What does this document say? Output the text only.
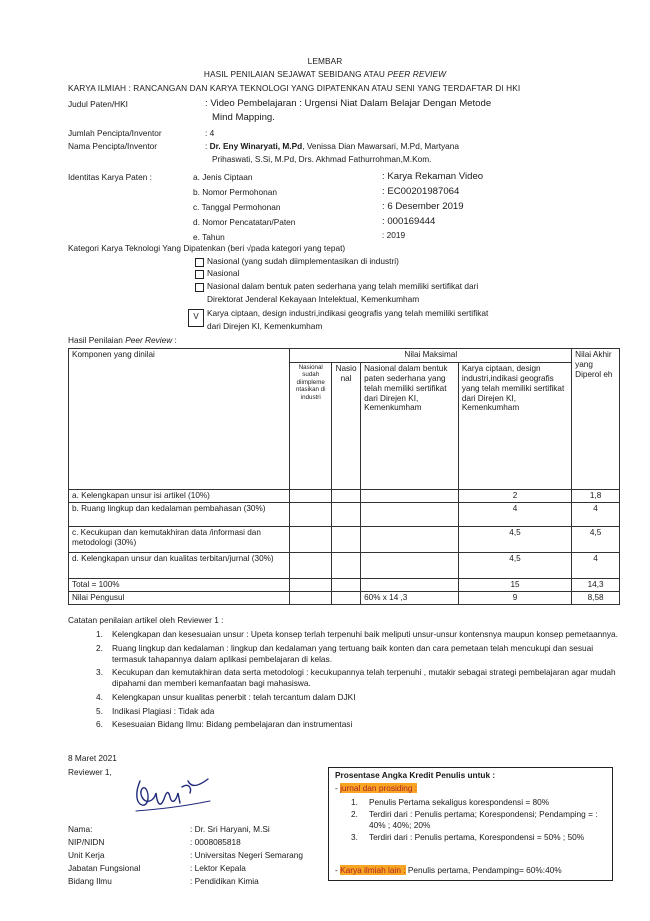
LEMBAR
HASIL PENILAIAN SEJAWAT SEBIDANG ATAU PEER REVIEW
KARYA ILMIAH : RANCANGAN DAN KARYA TEKNOLOGI YANG DIPATENKAN ATAU SENI YANG TERDAFTAR DI HKI
Judul Paten/HKI	: Video Pembelajaran : Urgensi Niat Dalam Belajar Dengan Metode
Mind Mapping.
Jumlah Pencipta/Inventor	: 4
Nama Pencipta/Inventor	: Dr. Eny Winaryati, M.Pd, Venissa Dian Mawarsari, M.Pd, Martyana
Prihaswati, S.Si, M.Pd, Drs. Akhmad Fathurrohman,M.Kom.
Identitas Karya Paten :	a. Jenis Ciptaan	: Karya Rekaman Video
b. Nomor Permohonan	: EC00201987064
c. Tanggal Permohonan	: 6 Desember 2019
d. Nomor Pencatatan/Paten	: 000169444
e. Tahun	: 2019
Kategori Karya Teknologi Yang Dipatenkan (beri √pada kategori yang tepat)
Nasional (yang sudah diimplementasikan di industri)
Nasional
Nasional dalam bentuk paten sederhana yang telah memiliki sertifikat dari
Direktorat Jenderal Kekayaan Intelektual, Kemenkumham
V	Karya ciptaan, design industri,indikasi geografis yang telah memiliki sertifikat
dari Direjen KI, Kemenkumham
Hasil Penilaian Peer Review :
Komponen yang dinilai	Nilai Maksimal				Nilai Akhir yang Diperol eh
	Nasional sudah diimpleme ntasikan di industri	Nasio nal	Nasional dalam bentuk paten sederhana yang telah memiliki sertifikat dari Direjen KI, Kemenkumham	Karya ciptaan, design industri,indikasi geografis yang telah memiliki sertifikat dari Direjen KI, Kemenkumham	
a. Kelengkapan unsur isi artikel (10%)				2	1,8
b. Ruang lingkup dan kedalaman pembahasan (30%)				4	4
c. Kecukupan dan kemutakhiran data /informasi dan metodologi (30%)				4,5	4,5
d. Kelengkapan unsur dan kualitas terbitan/jurnal (30%)				4,5	4
Total = 100%				15	14,3
Nilai Pengusul			60% x 14 ,3	9	8,58
Catatan penilaian artikel oleh Reviewer 1 :
1. Kelengkapan dan kesesuaian unsur : Upeta konsep terlah terpenuhi baik meliputi unsur-unsur kontensnya maupun konsep pemetaannya.
2. Ruang lingkup dan kedalaman : lingkup dan kedalaman yang tertuang baik konten dan cara pemetaan telah mencukupi dan sesuai termasuk tahapannya dalam aplikasi pembelajaran di kelas.
3. Kecukupan dan kemutakhiran data serta metodologi : kecukupannya telah terpenuhi , mutakir sebagai strategi pembelajaran agar mudah dipahami dan memberi kemanfaatan bagi mahasiswa.
4. Kelengkapan unsur kualitas penerbit : telah tercantum dalam DJKI
5. Indikasi Plagiasi : Tidak ada
6. Kesesuaian Bidang Ilmu: Bidang pembelajaran dan instrumentasi
8 Maret 2021
Reviewer 1,
Nama:	: Dr. Sri Haryani, M.Si
NIP/NIDN	: 0008085818
Unit Kerja	: Universitas Negeri Semarang
Jabatan Fungsional	: Lektor Kepala
Bidang Ilmu	: Pendidikan Kimia
Prosentase Angka Kredit Penulis untuk :
- jurnal dan prosiding :
1. Penulis Pertama sekaligus korespondensi = 80%
2. Terdiri dari : Penulis pertama; Korespondensi; Pendamping = : 40% ; 40%; 20%
3. Terdiri dari : Penulis pertama, Korespondensi = 50% ; 50%
- Karya ilmiah lain : Penulis pertama, Pendamping= 60%:40%
